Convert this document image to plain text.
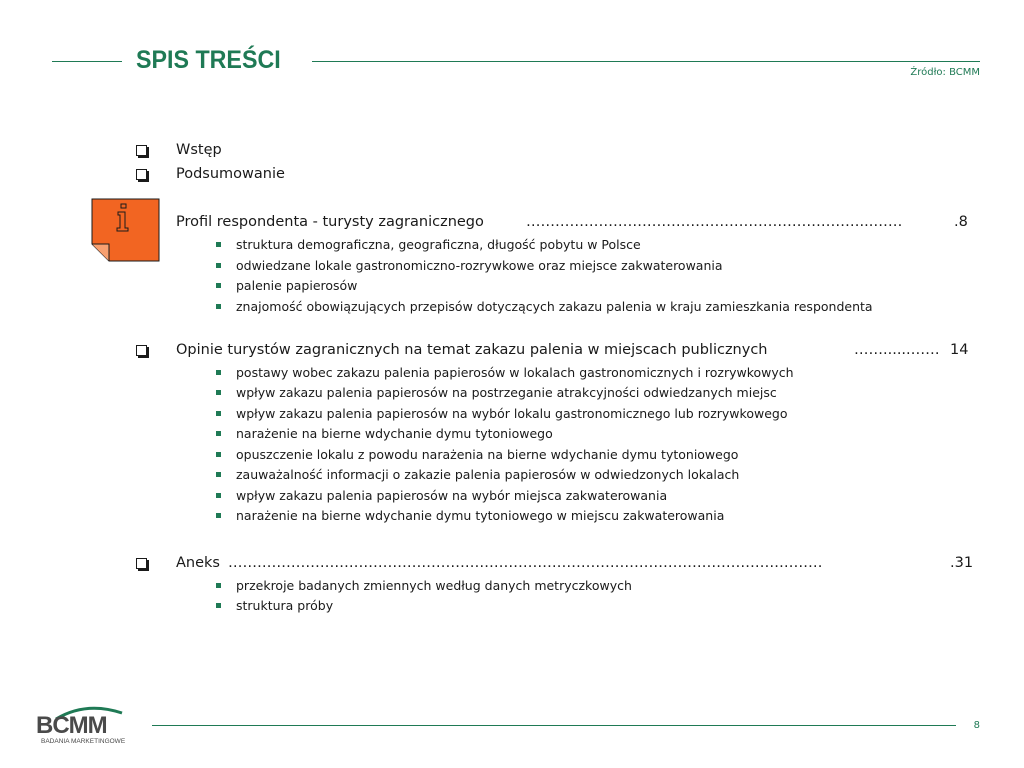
SPIS TREŚCI	Źródło: BCMM
Wstęp
Podsumowanie
Profil respondenta - turysty zagranicznego	……………………………………………………………...……	.8
struktura demograficzna, geograficzna, długość pobytu w Polsce
odwiedzane lokale gastronomiczno-rozrywkowe oraz miejsce zakwaterowania
palenie papierosów
znajomość obowiązujących przepisów dotyczących zakazu palenia w kraju zamieszkania respondenta
Opinie turystów zagranicznych na temat zakazu palenia w miejscach publicznych	……......…… 14
postawy wobec zakazu palenia papierosów w lokalach gastronomicznych i rozrywkowych
wpływ zakazu palenia papierosów na postrzeganie atrakcyjności odwiedzanych miejsc
wpływ zakazu palenia papierosów na wybór lokalu gastronomicznego lub rozrywkowego
narażenie na bierne wdychanie dymu tytoniowego
opuszczenie lokalu z powodu narażenia na bierne wdychanie dymu tytoniowego
zauważalność informacji o zakazie palenia papierosów w odwiedzonych lokalach
wpływ zakazu palenia papierosów na wybór miejsca zakwaterowania
narażenie na bierne wdychanie dymu tytoniowego w miejscu zakwaterowania
Aneks ……………………………………………………………………………………………………………	.31
przekroje badanych zmiennych według danych metryczkowych
struktura próby
BCMM
BADANIA MARKETINGOWE
8
